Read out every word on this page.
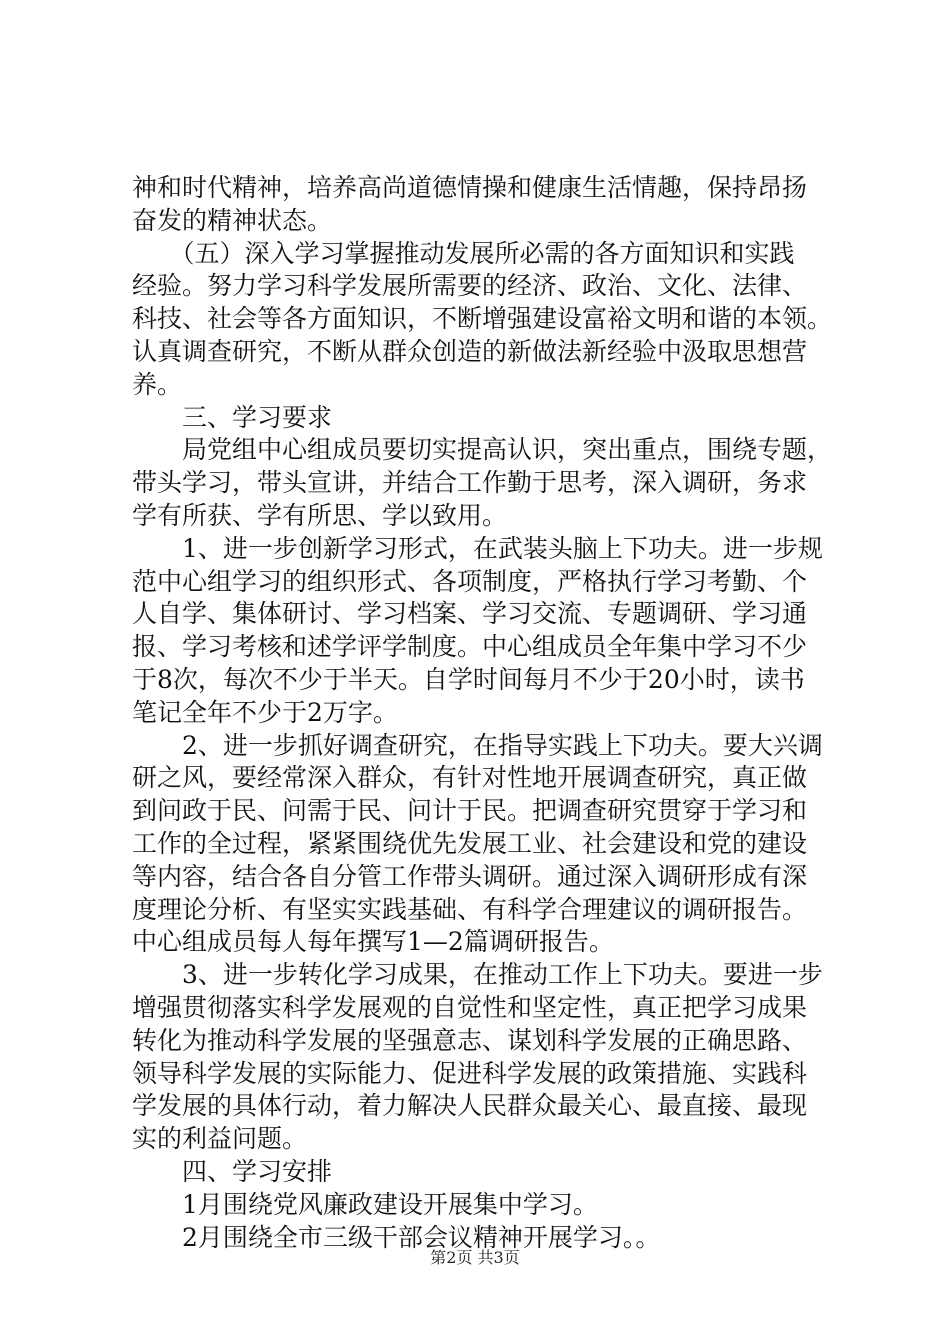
神和时代精神，培养高尚道德情操和健康生活情趣，保持昂扬
奋发的精神状态。
　　（五）深入学习掌握推动发展所必需的各方面知识和实践
经验。努力学习科学发展所需要的经济、政治、文化、法律、
科技、社会等各方面知识，不断增强建设富裕文明和谐的本领。
认真调查研究，不断从群众创造的新做法新经验中汲取思想营
养。
　　三、学习要求
　　局党组中心组成员要切实提高认识，突出重点，围绕专题，
带头学习，带头宣讲，并结合工作勤于思考，深入调研，务求
学有所获、学有所思、学以致用。
　　1、进一步创新学习形式，在武装头脑上下功夫。进一步规
范中心组学习的组织形式、各项制度，严格执行学习考勤、个
人自学、集体研讨、学习档案、学习交流、专题调研、学习通
报、学习考核和述学评学制度。中心组成员全年集中学习不少
于8次，每次不少于半天。自学时间每月不少于20小时，读书
笔记全年不少于2万字。
　　2、进一步抓好调查研究，在指导实践上下功夫。要大兴调
研之风，要经常深入群众，有针对性地开展调查研究，真正做
到问政于民、问需于民、问计于民。把调查研究贯穿于学习和
工作的全过程，紧紧围绕优先发展工业、社会建设和党的建设
等内容，结合各自分管工作带头调研。通过深入调研形成有深
度理论分析、有坚实实践基础、有科学合理建议的调研报告。
中心组成员每人每年撰写1—2篇调研报告。
　　3、进一步转化学习成果，在推动工作上下功夫。要进一步
增强贯彻落实科学发展观的自觉性和坚定性，真正把学习成果
转化为推动科学发展的坚强意志、谋划科学发展的正确思路、
领导科学发展的实际能力、促进科学发展的政策措施、实践科
学发展的具体行动，着力解决人民群众最关心、最直接、最现
实的利益问题。
　　四、学习安排
　　1月围绕党风廉政建设开展集中学习。
　　2月围绕全市三级干部会议精神开展学习。。
第2页 共3页
